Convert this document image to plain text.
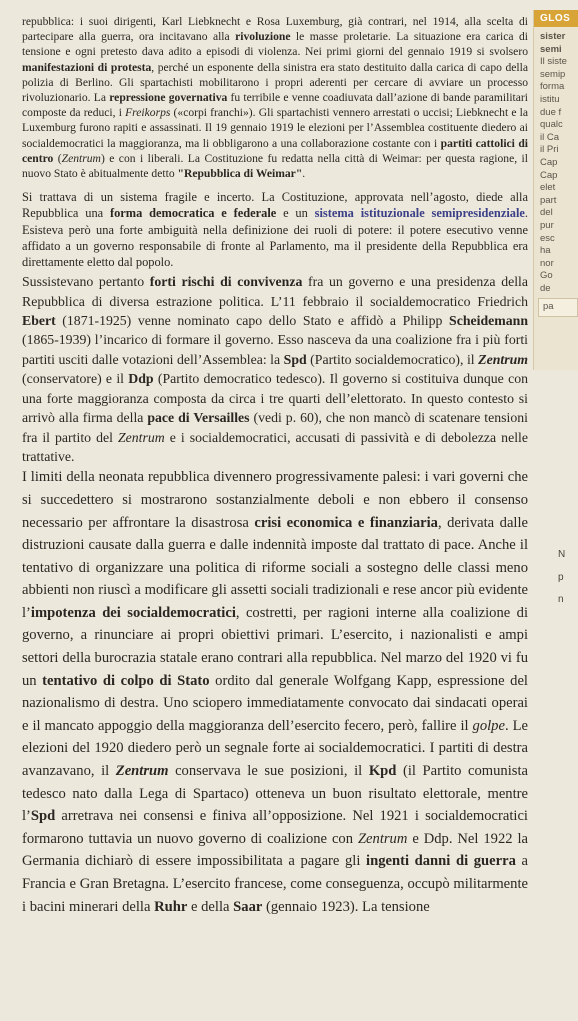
repubblica: i suoi dirigenti, Karl Liebknecht e Rosa Luxemburg, già contrari, nel 1914, alla scelta di partecipare alla guerra, ora incitavano alla rivoluzione le masse proletarie. La situazione era carica di tensione e ogni pretesto dava adito a episodi di violenza. Nei primi giorni del gennaio 1919 si svolsero manifestazioni di protesta, perché un esponente della sinistra era stato destituito dalla carica di capo della polizia di Berlino. Gli spartachisti mobilitarono i propri aderenti per cercare di avviare un processo rivoluzionario. La repressione governativa fu terribile e venne coadiuvata dall’azione di bande paramilitari composte da reduci, i Freikorps («corpi franchi»). Gli spartachisti vennero arrestati o uccisi; Liebknecht e la Luxemburg furono rapiti e assassinati. Il 19 gennaio 1919 le elezioni per l’Assemblea costituente diedero ai socialdemocratici la maggioranza, ma li obbligarono a una collaborazione costante con i partiti cattolici di centro (Zentrum) e con i liberali. La Costituzione fu redatta nella città di Weimar: per questa ragione, il nuovo Stato è abitualmente detto "Repubblica di Weimar".

Si trattava di un sistema fragile e incerto. La Costituzione, approvata nell’agosto, diede alla Repubblica una forma democratica e federale e un sistema istituzionale semipresidenziale. Esisteva però una forte ambiguità nella definizione dei ruoli di potere: il potere esecutivo venne affidato a un governo responsabile di fronte al Parlamento, ma il presidente della Repubblica era direttamente eletto dal popolo.

Sussistevano pertanto forti rischi di convivenza fra un governo e una presidenza della Repubblica di diversa estrazione politica. L’11 febbraio il socialdemocratico Friedrich Ebert (1871-1925) venne nominato capo dello Stato e affidò a Philipp Scheidemann (1865-1939) l’incarico di formare il governo. Esso nasceva da una coalizione fra i più forti partiti usciti dalle votazioni dell’Assemblea: la Spd (Partito socialdemocratico), il Zentrum (conservatore) e il Ddp (Partito democratico tedesco). Il governo si costituiva dunque con una forte maggioranza composta da circa i tre quarti dell’elettorato. In questo contesto si arrivò alla firma della pace di Versailles (vedi p. 60), che non mancò di scatenare tensioni fra il partito del Zentrum e i socialdemocratici, accusati di passività e di debolezza nelle trattative.

I limiti della neonata repubblica divennero progressivamente palesi: i vari governi che si succedettero si mostrarono sostanzialmente deboli e non ebbero il consenso necessario per affrontare la disastrosa crisi economica e finanziaria, derivata dalle distruzioni causate dalla guerra e dalle indennità imposte dal trattato di pace. Anche il tentativo di organizzare una politica di riforme sociali a sostegno delle classi meno abbienti non riuscì a modificare gli assetti sociali tradizionali e rese ancor più evidente l’impotenza dei socialdemocratici, costretti, per ragioni interne alla coalizione di governo, a rinunciare ai propri obiettivi primari. L’esercito, i nazionalisti e ampi settori della burocrazia statale erano contrari alla repubblica. Nel marzo del 1920 vi fu un tentativo di colpo di Stato ordito dal generale Wolfgang Kapp, espressione del nazionalismo di destra. Uno sciopero immediatamente convocato dai sindacati operai e il mancato appoggio della maggioranza dell’esercito fecero, però, fallire il golpe. Le elezioni del 1920 diedero però un segnale forte ai socialdemocratici. I partiti di destra avanzavano, il Zentrum conservava le sue posizioni, il Kpd (il Partito comunista tedesco nato dalla Lega di Spartaco) otteneva un buon risultato elettorale, mentre l’Spd arretrava nei consensi e finiva all’opposizione. Nel 1921 i socialdemocratici formarono tuttavia un nuovo governo di coalizione con Zentrum e Ddp. Nel 1922 la Germania dichiarò di essere impossibilitata a pagare gli ingenti danni di guerra a Francia e Gran Bretagna. L’esercito francese, come conseguenza, occupò militarmente i bacini minerari della Ruhr e della Saar (gennaio 1923). La tensione

GLOS
sister
semi
Il siste
semip
forma
istitu
due f
qualc
il Ca
il Pri
Cap
Cap
elet
part
del
pur
esc
ha
nor
Go
de
pa
N
p
n
